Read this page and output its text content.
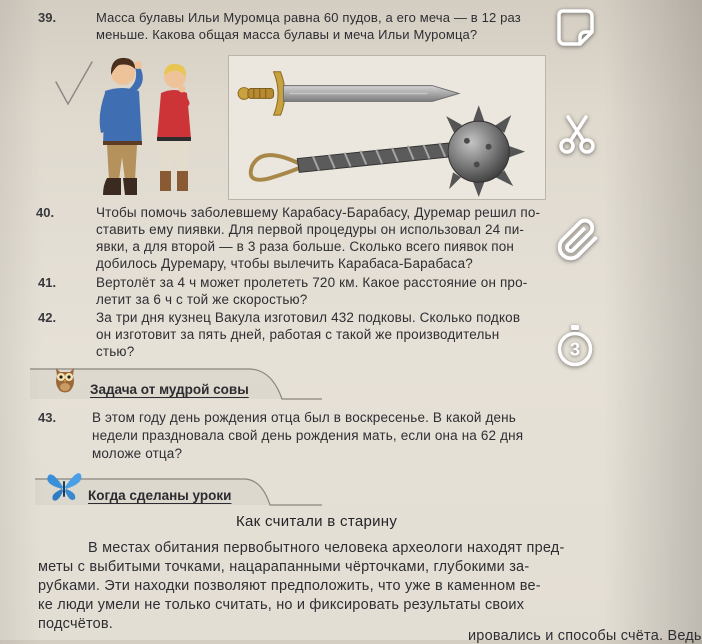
39.	Масса булавы Ильи Муромца равна 60 пудов, а его меча — в 12 раз
меньше. Какова общая масса булавы и меча Ильи Муромца?
40.	Чтобы помочь заболевшему Карабасу-Барабасу, Дуремар решил по-
ставить ему пиявки. Для первой процедуры он использовал 24 пи-
явки, а для второй — в 3 раза больше. Сколько всего пиявок пон
добилось Дуремару, чтобы вылечить Карабаса-Барабаса?
41.	Вертолёт за 4 ч может пролететь 720 км. Какое расстояние он про-
летит за 6 ч с той же скоростью?
42.	За три дня кузнец Вакула изготовил 432 подковы. Сколько подков
он изготовит за пять дней, работая с такой же производительн
стью?
Задача от мудрой совы
43.	В этом году день рождения отца был в воскресенье. В какой день
недели праздновала свой день рождения мать, если она на 62 дня
моложе отца?
Когда сделаны уроки
Как считали в старину
В местах обитания первобытного человека археологи находят пред-
меты с выбитыми точками, нацарапанными чёрточками, глубокими за-
рубками. Эти находки позволяют предположить, что уже в каменном ве-
ке люди умели не только считать, но и фиксировать результаты своих
подсчётов.
ировались и способы счёта. Ведь
3
